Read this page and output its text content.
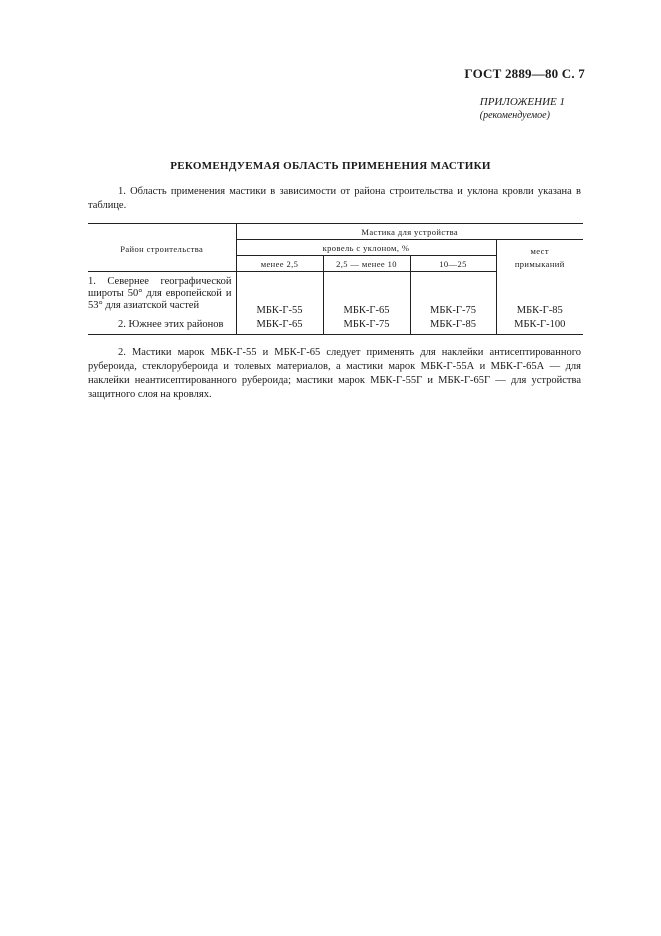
ГОСТ 2889—80 С. 7
ПРИЛОЖЕНИЕ 1
(рекомендуемое)
РЕКОМЕНДУЕМАЯ ОБЛАСТЬ ПРИМЕНЕНИЯ МАСТИКИ
1. Область применения мастики в зависимости от района строительства и уклона кровли указана в таблице.
Район строительства	Мастика для устройства			
	кровель с уклоном, %			мест
примыканий

	менее 2,5	2,5 — менее 10	10—25	
1. Севернее географической широты 50° для европейской и 53° для азиатской частей	МБК-Г-55	МБК-Г-65	МБК-Г-75	МБК-Г-85
2. Южнее этих районов	МБК-Г-65	МБК-Г-75	МБК-Г-85	МБК-Г-100
2. Мастики марок МБК-Г-55 и МБК-Г-65 следует применять для наклейки антисептированного рубероида, стеклорубероида и толевых материалов, а мастики марок МБК-Г-55А и МБК-Г-65А — для наклейки неантисептированного рубероида; мастики марок МБК-Г-55Г и МБК-Г-65Г — для устройства защитного слоя на кровлях.
